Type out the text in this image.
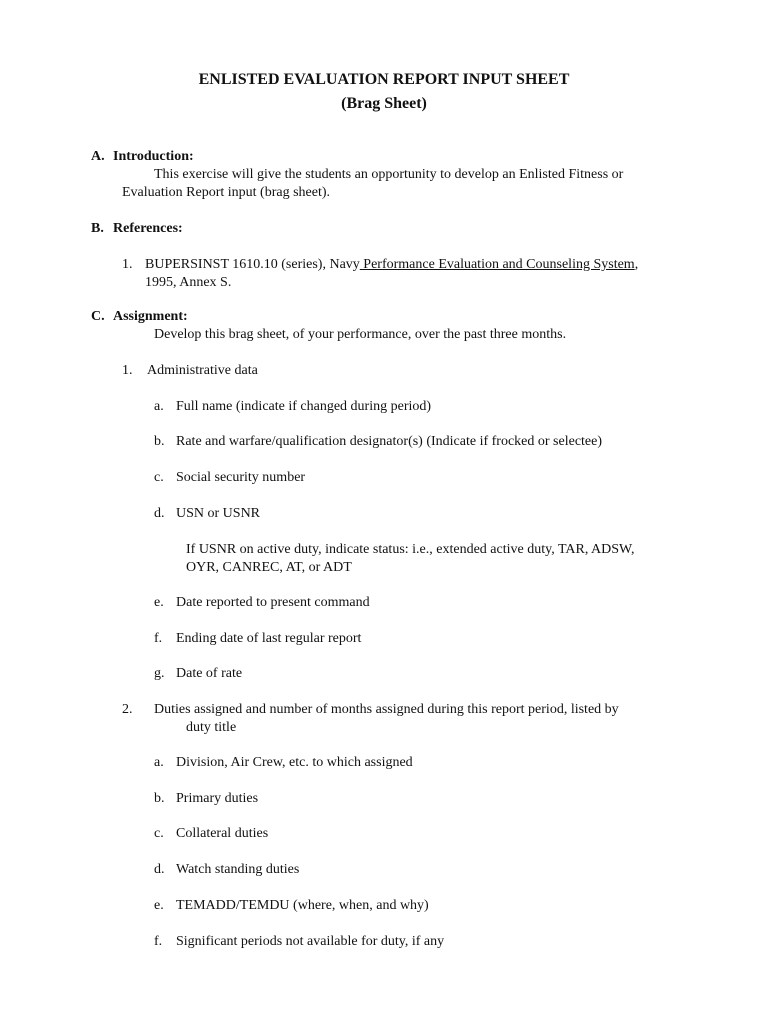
ENLISTED EVALUATION REPORT INPUT SHEET
(Brag Sheet)
A. Introduction:
This exercise will give the students an opportunity to develop an Enlisted Fitness or
Evaluation Report input (brag sheet).
B. References:
1. BUPERSINST 1610.10 (series), Navy Performance Evaluation and Counseling System,
1995, Annex S.
C. Assignment:
Develop this brag sheet, of your performance, over the past three months.
1. Administrative data
a. Full name (indicate if changed during period)
b. Rate and warfare/qualification designator(s) (Indicate if frocked or selectee)
c. Social security number
d. USN or USNR
If USNR on active duty, indicate status: i.e., extended active duty, TAR, ADSW,
OYR, CANREC, AT, or ADT
e. Date reported to present command
f. Ending date of last regular report
g. Date of rate
2. Duties assigned and number of months assigned during this report period, listed by
duty title
a. Division, Air Crew, etc. to which assigned
b. Primary duties
c. Collateral duties
d. Watch standing duties
e. TEMADD/TEMDU (where, when, and why)
f. Significant periods not available for duty, if any
